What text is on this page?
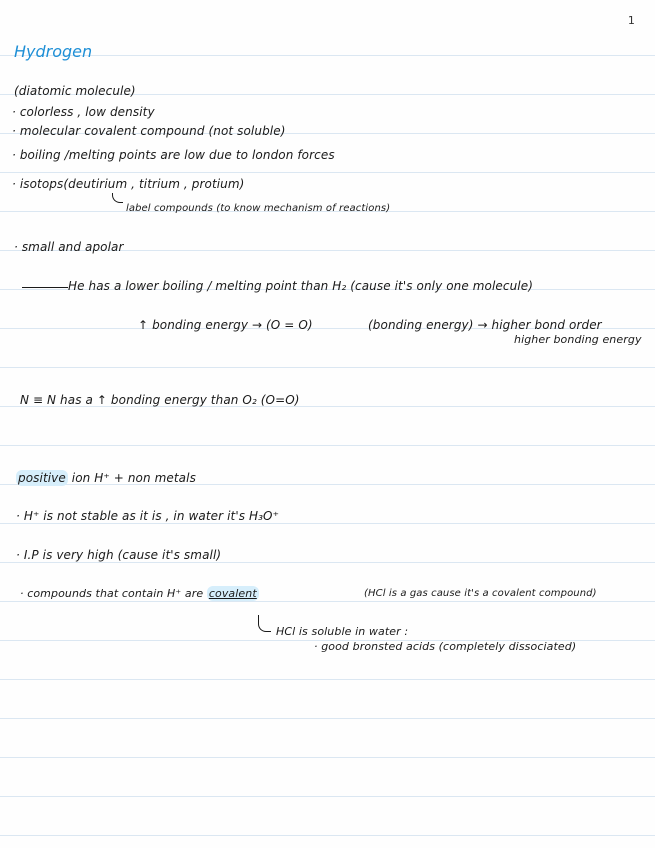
1
Hydrogen
(diatomic molecule)
· colorless , low density
· molecular covalent compound (not soluble)
· boiling /melting points are low due to london forces
· isotops(deutirium , titrium , protium)
label compounds (to know mechanism of reactions)
· small and apolar
He has a lower boiling / melting point than H₂ (cause it's only one molecule)
↑ bonding energy → (O = O)	(bonding energy) → higher bond order
higher bonding energy
N ≡ N has a ↑ bonding energy than O₂ (O=O)
positive ion H⁺ + non metals
· H⁺ is not stable as it is , in water it's H₃O⁺
· I.P is very high (cause it's small)
· compounds that contain H⁺ are covalent	(HCl is a gas cause it's a covalent compound)
HCl is soluble in water :
· good bronsted acids (completely dissociated)
